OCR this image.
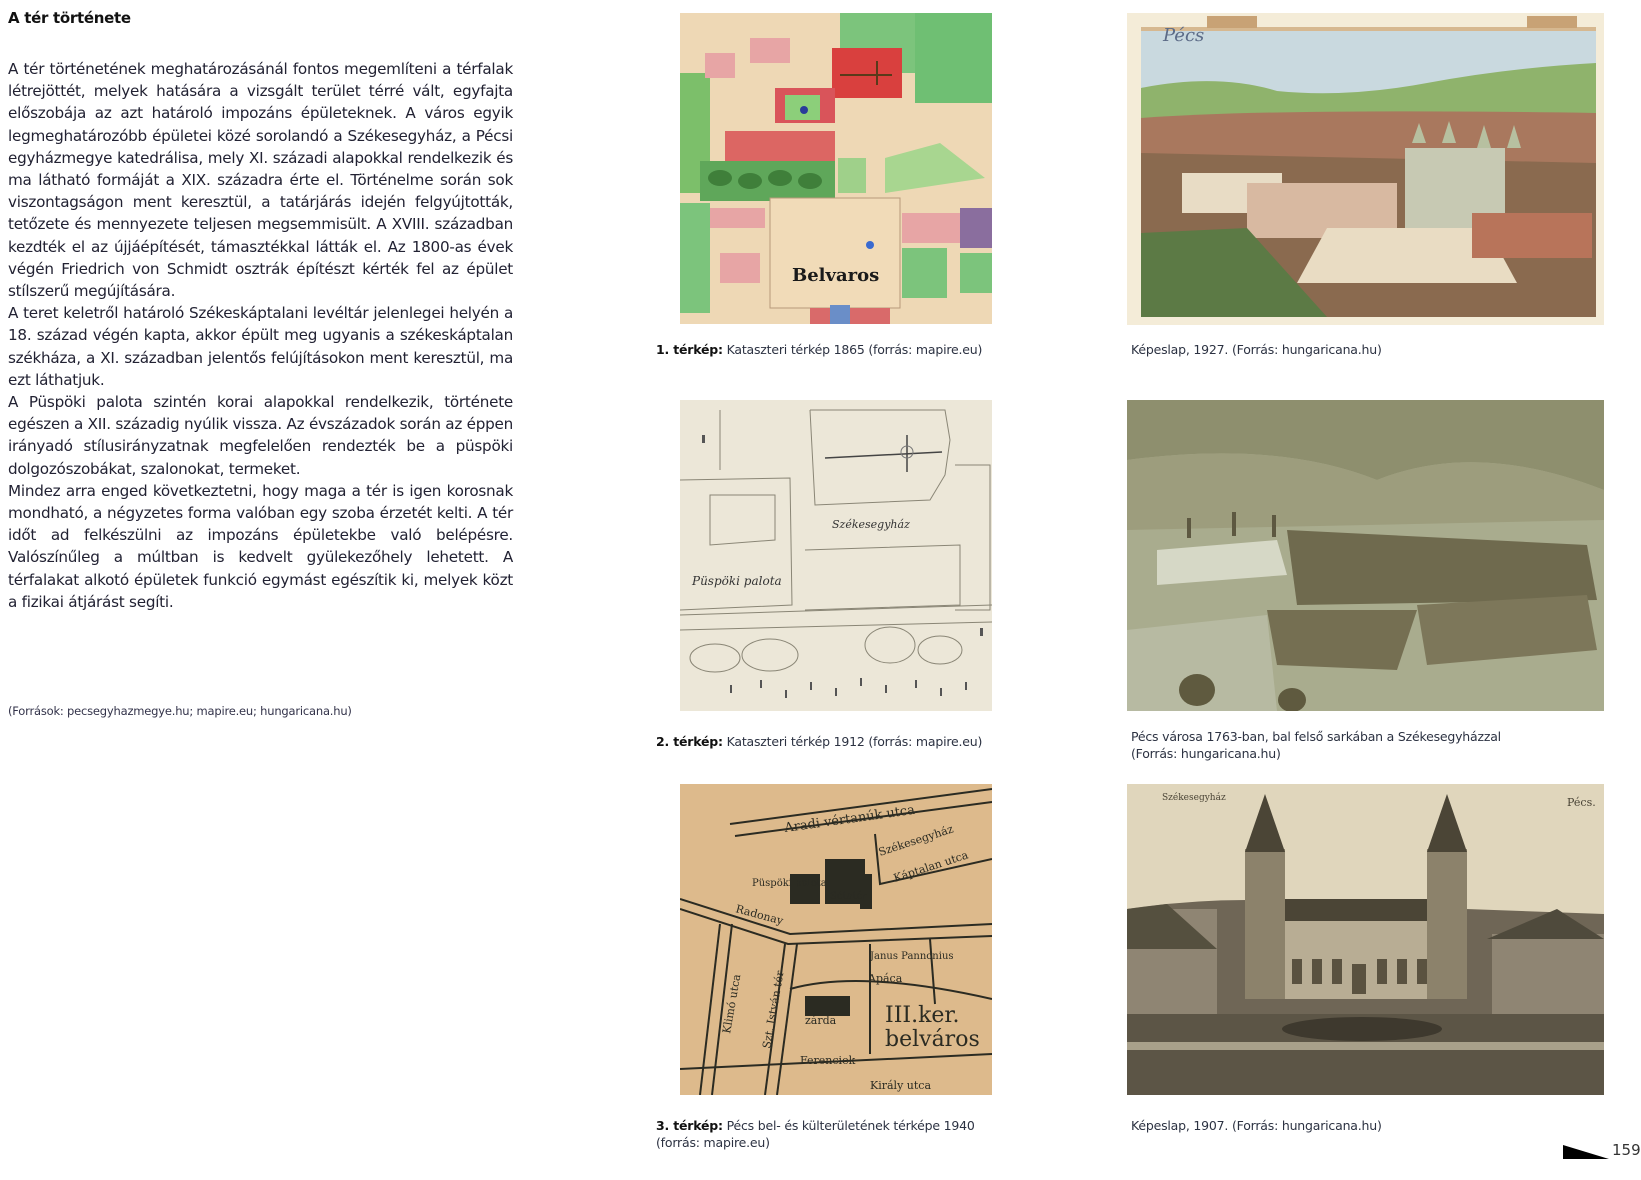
A tér története

A tér történetének meghatározásánál fontos megemlíteni a térfalak létrejöttét, melyek hatására a vizsgált terület térré vált, egyfajta előszobája az azt határoló impozáns épületeknek. A város egyik legmeghatározóbb épületei közé sorolandó a Székesegyház, a Pécsi egyházmegye katedrálisa, mely XI. századi alapokkal rendelkezik és ma látható formáját a XIX. századra érte el. Történelme során sok viszontagságon ment keresztül, a tatárjárás idején felgyújtották, tetőzete és mennyezete teljesen megsemmisült. A XVIII. században kezdték el az újjáépítését, támasztékkal látták el. Az 1800-as évek végén Friedrich von Schmidt osztrák építészt kérték fel az épület stílszerű megújítására.

A teret keletről határoló Székeskáptalani levéltár jelenlegei helyén a 18. század végén kapta, akkor épült meg ugyanis a székeskáptalan székháza, a XI. században jelentős felújításokon ment keresztül, ma ezt láthatjuk.

A Püspöki palota szintén korai alapokkal rendelkezik, története egészen a XII. századig nyúlik vissza. Az évszázadok során az éppen irányadó stílusirányzatnak megfelelően rendezték be a püspöki dolgozószobákat, szalonokat, termeket.

Mindez arra enged következtetni, hogy maga a tér is igen korosnak mondható, a négyzetes forma valóban egy szoba érzetét kelti. A tér időt ad felkészülni az impozáns épületekbe való belépésre. Valószínűleg a múltban is kedvelt gyülekezőhely lehetett. A térfalakat alkotó épületek funkció egymást egészítik ki, melyek közt a fizikai átjárást segíti.

(Források: pecsegyhazmegye.hu; mapire.eu; hungaricana.hu)
Belvaros
1. térkép: Kataszteri térkép 1865 (forrás: mapire.eu)
Székesegyház
Püspöki palota
2. térkép: Kataszteri térkép 1912 (forrás: mapire.eu)
Aradi vértanúk utca
Székesegyház
Káptalan utca
Püspöki palota
Sétatér
Radonay
Janus Pannonius
Apáca
Szt. István tér
Klimó utca	zárda III.ker.
belváros
Ferenciek
Király utca
3. térkép: Pécs bel- és külterületének térképe 1940
(forrás: mapire.eu)
Pécs
Képeslap, 1927. (Forrás: hungaricana.hu)
Pécs városa 1763-ban, bal felső sarkában a Székesegyházzal
(Forrás: hungaricana.hu)
Székesegyház	Pécs.
Képeslap, 1907. (Forrás: hungaricana.hu)
159
